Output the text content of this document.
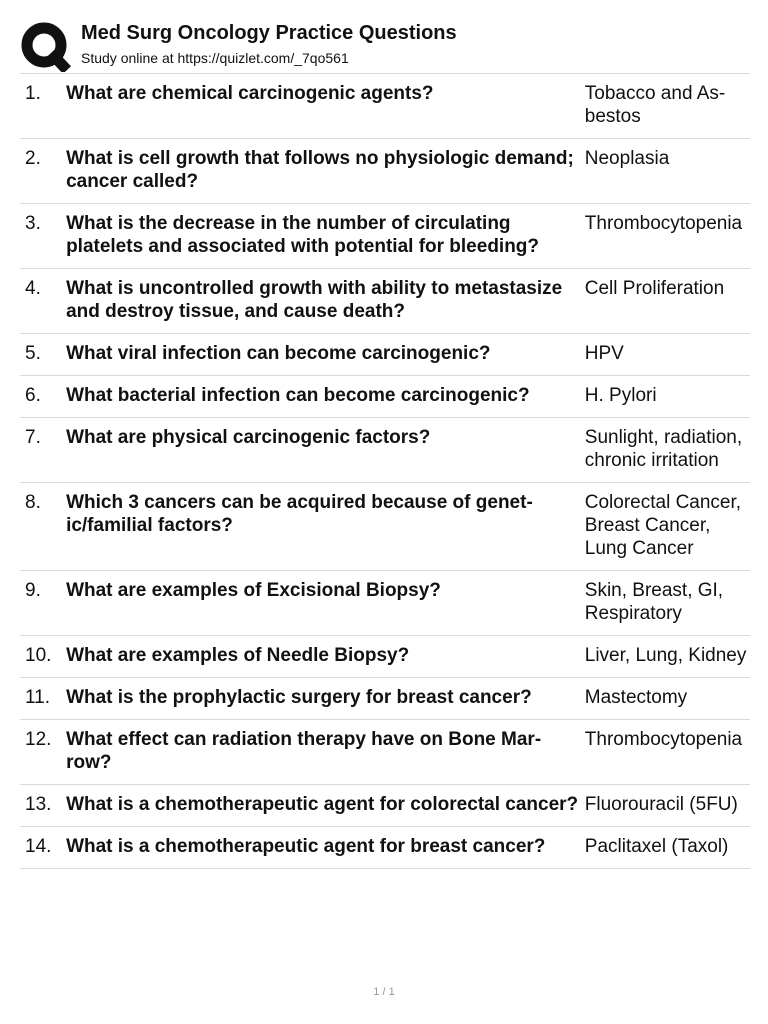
Med Surg Oncology Practice Questions
Study online at https://quizlet.com/_7qo561
1.	What are chemical carcinogenic agents?	Tobacco and Asbestos
2.	What is cell growth that follows no physiologic demand; cancer called?	Neoplasia
3.	What is the decrease in the number of circulating platelets and associated with potential for bleeding?	Thrombocytopenia
4.	What is uncontrolled growth with ability to metastasize and destroy tissue, and cause death?	Cell Proliferation
5.	What viral infection can become carcinogenic?	HPV
6.	What bacterial infection can become carcinogenic?	H. Pylori
7.	What are physical carcinogenic factors?	Sunlight, radiation, chronic irritation
8.	Which 3 cancers can be acquired because of genetic/familial factors?	Colorectal Cancer, Breast Cancer, Lung Cancer
9.	What are examples of Excisional Biopsy?	Skin, Breast, GI, Respiratory
10.	What are examples of Needle Biopsy?	Liver, Lung, Kidney
11.	What is the prophylactic surgery for breast cancer?	Mastectomy
12.	What effect can radiation therapy have on Bone Marrow?	Thrombocytopenia
13.	What is a chemotherapeutic agent for colorectal cancer?	Fluorouracil (5FU)
14.	What is a chemotherapeutic agent for breast cancer?	Paclitaxel (Taxol)
1 / 1
